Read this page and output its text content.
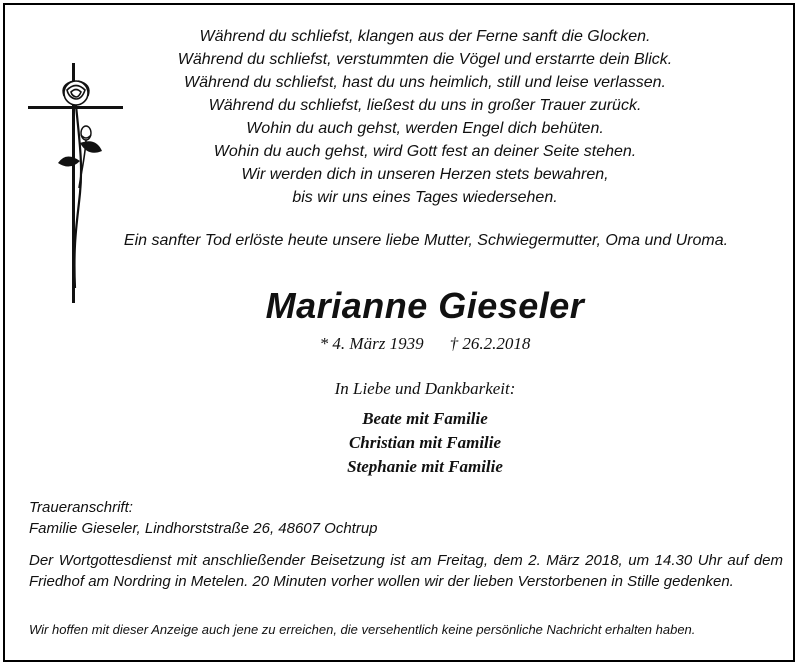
Während du schliefst, klangen aus der Ferne sanft die Glocken.
Während du schliefst, verstummten die Vögel und erstarrte dein Blick.
Während du schliefst, hast du uns heimlich, still und leise verlassen.
Während du schliefst, ließest du uns in großer Trauer zurück.
Wohin du auch gehst, werden Engel dich behüten.
Wohin du auch gehst, wird Gott fest an deiner Seite stehen.
Wir werden dich in unseren Herzen stets bewahren,
bis wir uns eines Tages wiedersehen.
Ein sanfter Tod erlöste heute unsere liebe Mutter, Schwiegermutter, Oma und Uroma.
Marianne Gieseler
* 4. März 1939 † 26.2.2018
In Liebe und Dankbarkeit:
Beate mit Familie
Christian mit Familie
Stephanie mit Familie
Traueranschrift:
Familie Gieseler, Lindhorststraße 26, 48607 Ochtrup
Der Wortgottesdienst mit anschließender Beisetzung ist am Freitag, dem 2. März 2018, um 14.30 Uhr auf dem Friedhof am Nordring in Metelen. 20 Minuten vorher wollen wir der lieben Verstorbenen in Stille gedenken.
Wir hoffen mit dieser Anzeige auch jene zu erreichen, die versehentlich keine persönliche Nachricht erhalten haben.
